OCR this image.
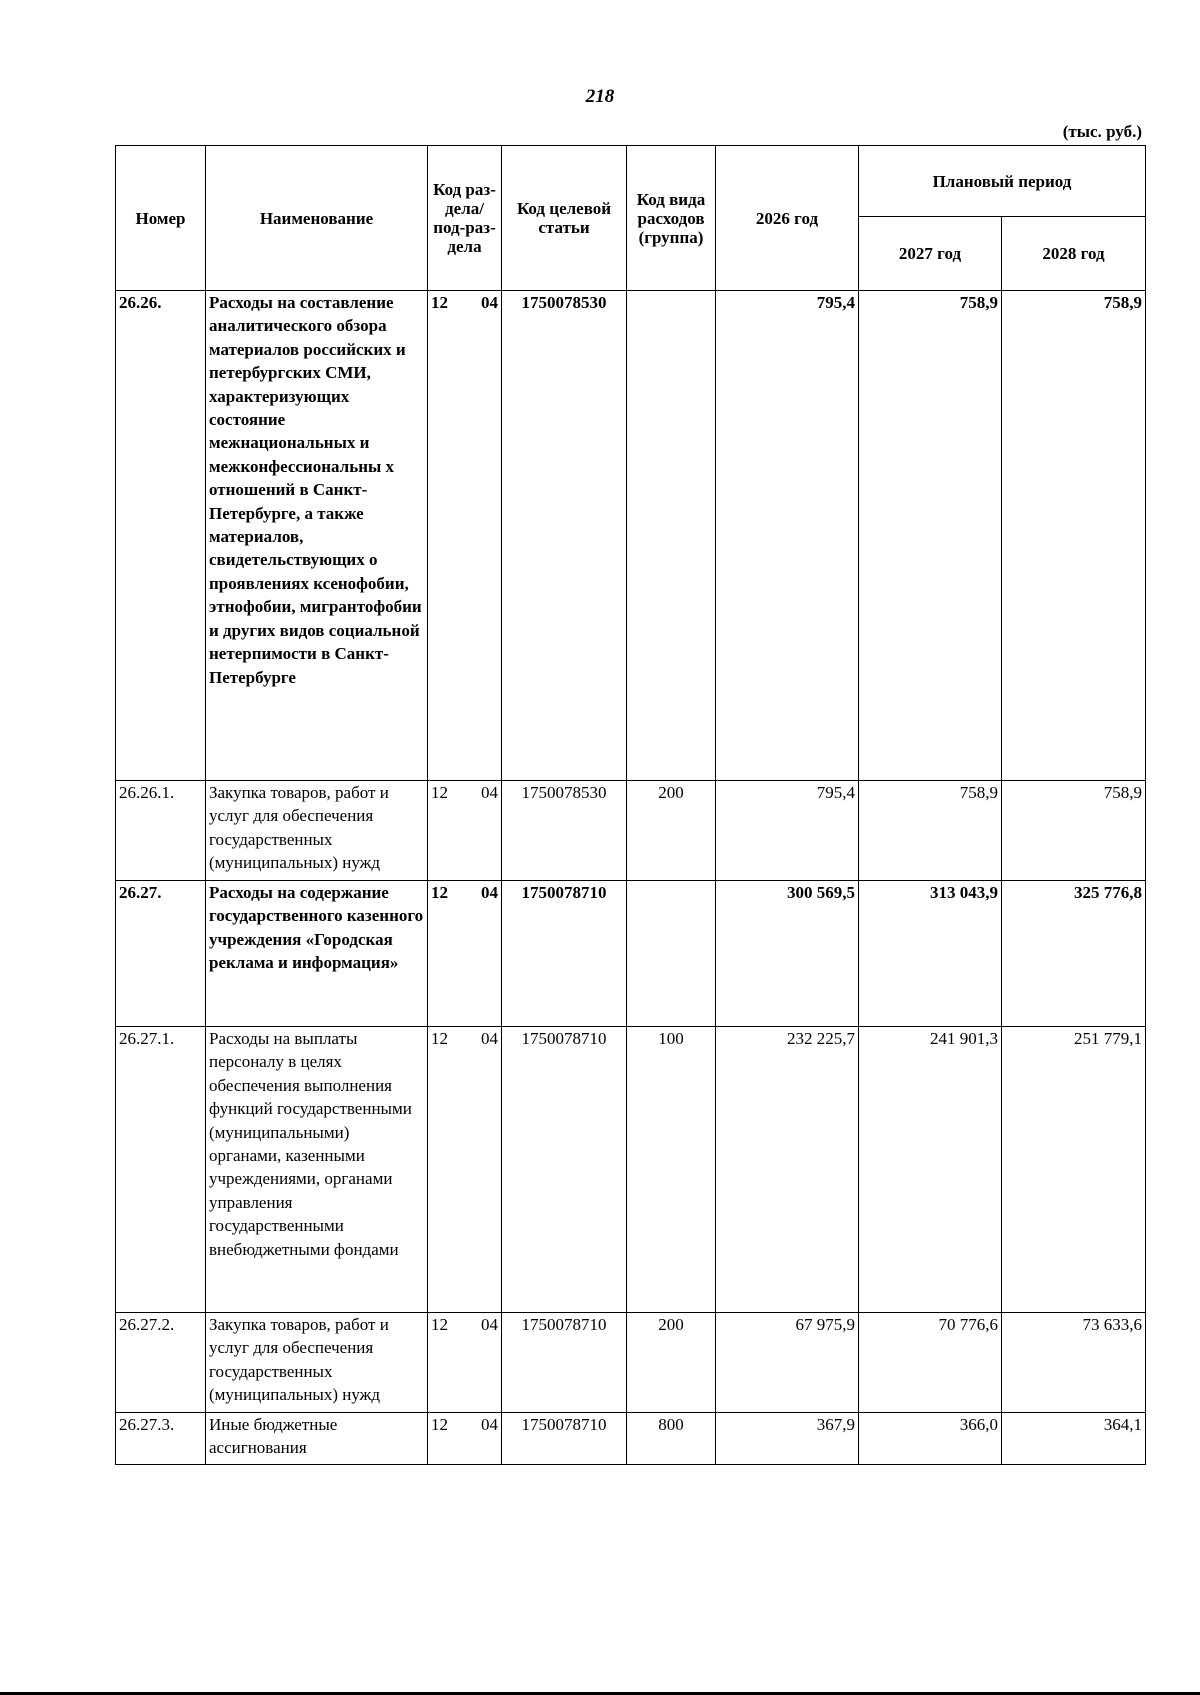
218
(тыс. руб.)
Номер	Наименование	Код раз-дела/ под-раз-дела	Код целевой статьи	Код вида расходов (группа)	2026 год	Плановый период	
						2027 год	2028 год
26.26.	Расходы на составление аналитического обзора материалов российских и петербургских СМИ, характеризующих состояние межнациональных и межконфессиональны х отношений в Санкт-Петербурге, а также материалов, свидетельствующих о проявлениях ксенофобии, этнофобии, мигрантофобии и других видов социальной нетерпимости в Санкт-Петербурге	12 04	1750078530		795,4	758,9	758,9
26.26.1.	Закупка товаров, работ и услуг для обеспечения государственных (муниципальных) нужд	12 04	1750078530	200	795,4	758,9	758,9
26.27.	Расходы на содержание государственного казенного учреждения «Городская реклама и информация»	12 04	1750078710		300 569,5	313 043,9	325 776,8
26.27.1.	Расходы на выплаты персоналу в целях обеспечения выполнения функций государственными (муниципальными) органами, казенными учреждениями, органами управления государственными внебюджетными фондами	12 04	1750078710	100	232 225,7	241 901,3	251 779,1
26.27.2.	Закупка товаров, работ и услуг для обеспечения государственных (муниципальных) нужд	12 04	1750078710	200	67 975,9	70 776,6	73 633,6
26.27.3.	Иные бюджетные ассигнования	12 04	1750078710	800	367,9	366,0	364,1
